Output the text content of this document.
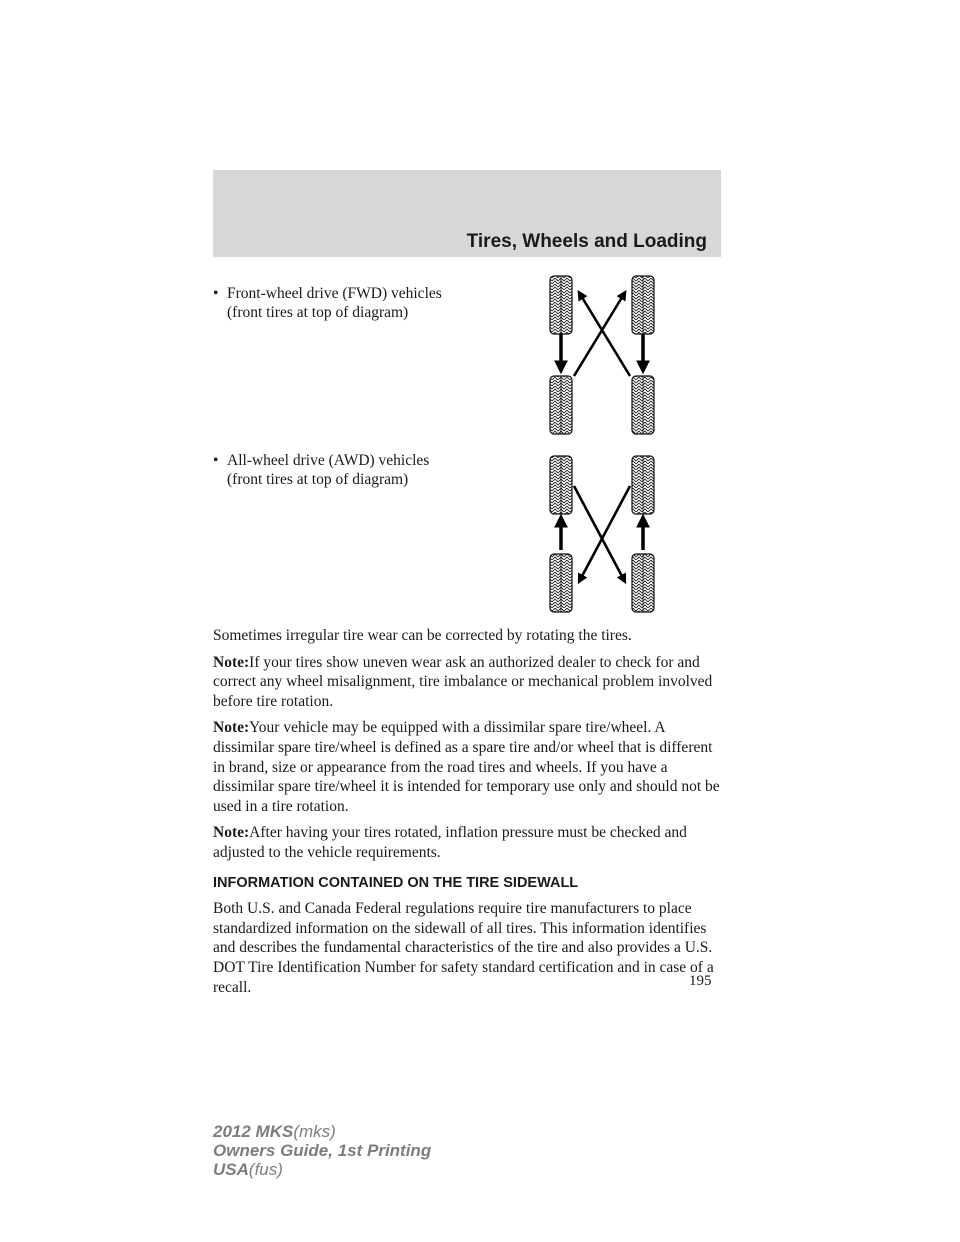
Tires, Wheels and Loading
• Front-wheel drive (FWD) vehicles
(front tires at top of diagram)
• All-wheel drive (AWD) vehicles
(front tires at top of diagram)

Sometimes irregular tire wear can be corrected by rotating the tires.

Note:If your tires show uneven wear ask an authorized dealer to check for and correct any wheel misalignment, tire imbalance or mechanical problem involved before tire rotation.

Note:Your vehicle may be equipped with a dissimilar spare tire/wheel. A dissimilar spare tire/wheel is defined as a spare tire and/or wheel that is different in brand, size or appearance from the road tires and wheels. If you have a dissimilar spare tire/wheel it is intended for temporary use only and should not be used in a tire rotation.

Note:After having your tires rotated, inflation pressure must be checked and adjusted to the vehicle requirements.

INFORMATION CONTAINED ON THE TIRE SIDEWALL

Both U.S. and Canada Federal regulations require tire manufacturers to place standardized information on the sidewall of all tires. This information identifies and describes the fundamental characteristics of the tire and also provides a U.S. DOT Tire Identification Number for safety standard certification and in case of a recall.	195
2012 MKS(mks)
Owners Guide, 1st Printing
USA(fus)
